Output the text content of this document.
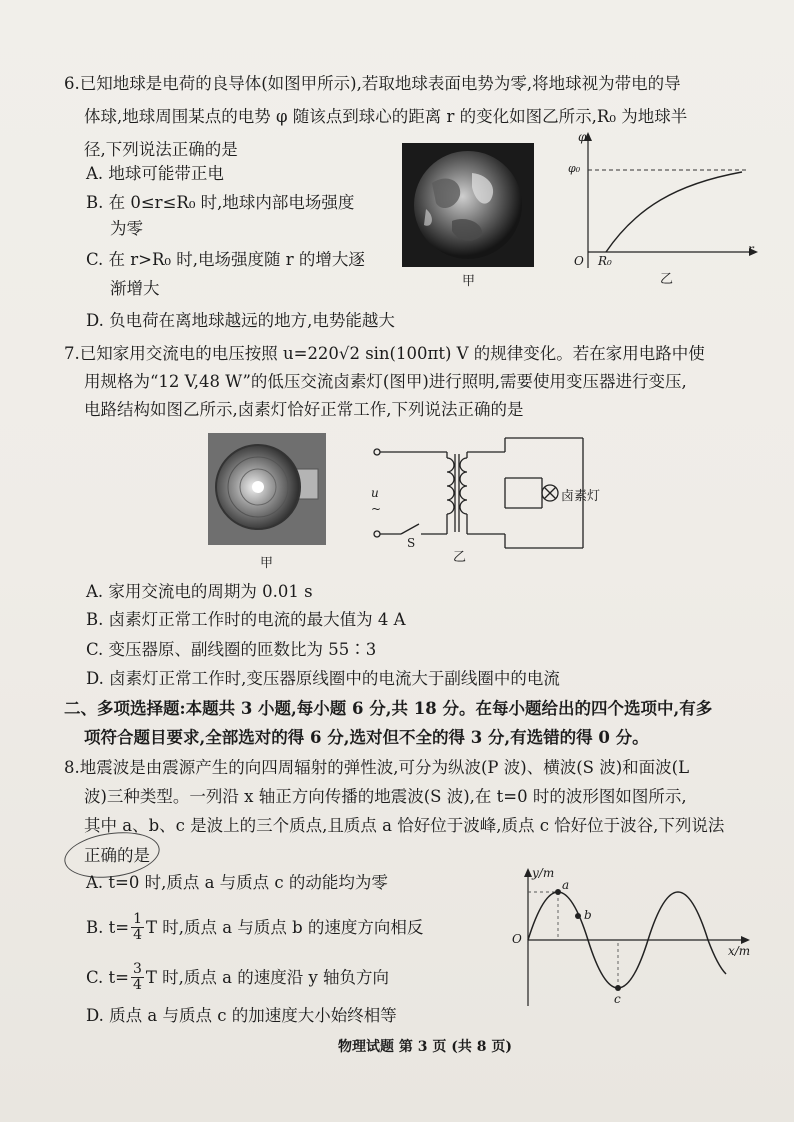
6.已知地球是电荷的良导体(如图甲所示),若取地球表面电势为零,将地球视为带电的导
体球,地球周围某点的电势 φ 随该点到球心的距离 r 的变化如图乙所示,R₀ 为地球半
径,下列说法正确的是
A. 地球可能带正电
B. 在 0≤r≤R₀ 时,地球内部电场强度
为零
C. 在 r>R₀ 时,电场强度随 r 的增大逐
渐增大
D. 负电荷在离地球越远的地方,电势能越大
甲
φ
φ₀
O R₀
r
乙
7.已知家用交流电的电压按照 u=220√2 sin(100πt) V 的规律变化。若在家用电路中使
用规格为“12 V,48 W”的低压交流卤素灯(图甲)进行照明,需要使用变压器进行变压,
电路结构如图乙所示,卤素灯恰好正常工作,下列说法正确的是
甲
u
~
S
卤素灯
乙
A. 家用交流电的周期为 0.01 s
B. 卤素灯正常工作时的电流的最大值为 4 A
C. 变压器原、副线圈的匝数比为 55∶3
D. 卤素灯正常工作时,变压器原线圈中的电流大于副线圈中的电流
二、多项选择题:本题共 3 小题,每小题 6 分,共 18 分。在每小题给出的四个选项中,有多
项符合题目要求,全部选对的得 6 分,选对但不全的得 3 分,有选错的得 0 分。
8.地震波是由震源产生的向四周辐射的弹性波,可分为纵波(P 波)、横波(S 波)和面波(L
波)三种类型。一列沿 x 轴正方向传播的地震波(S 波),在 t=0 时的波形图如图所示,
其中 a、b、c 是波上的三个质点,且质点 a 恰好位于波峰,质点 c 恰好位于波谷,下列说法
正确的是
A. t=0 时,质点 a 与质点 c 的动能均为零
B. $t= \frac{1}{4}$ T 时,质点 a 与质点 b 的速度方向相反
C. $t= \frac{3}{4}$ T 时,质点 a 的速度沿 y 轴负方向
D. 质点 a 与质点 c 的加速度大小始终相等
y/m
O
x/m
a
b
c
物理试题 第 3 页 (共 8 页)
